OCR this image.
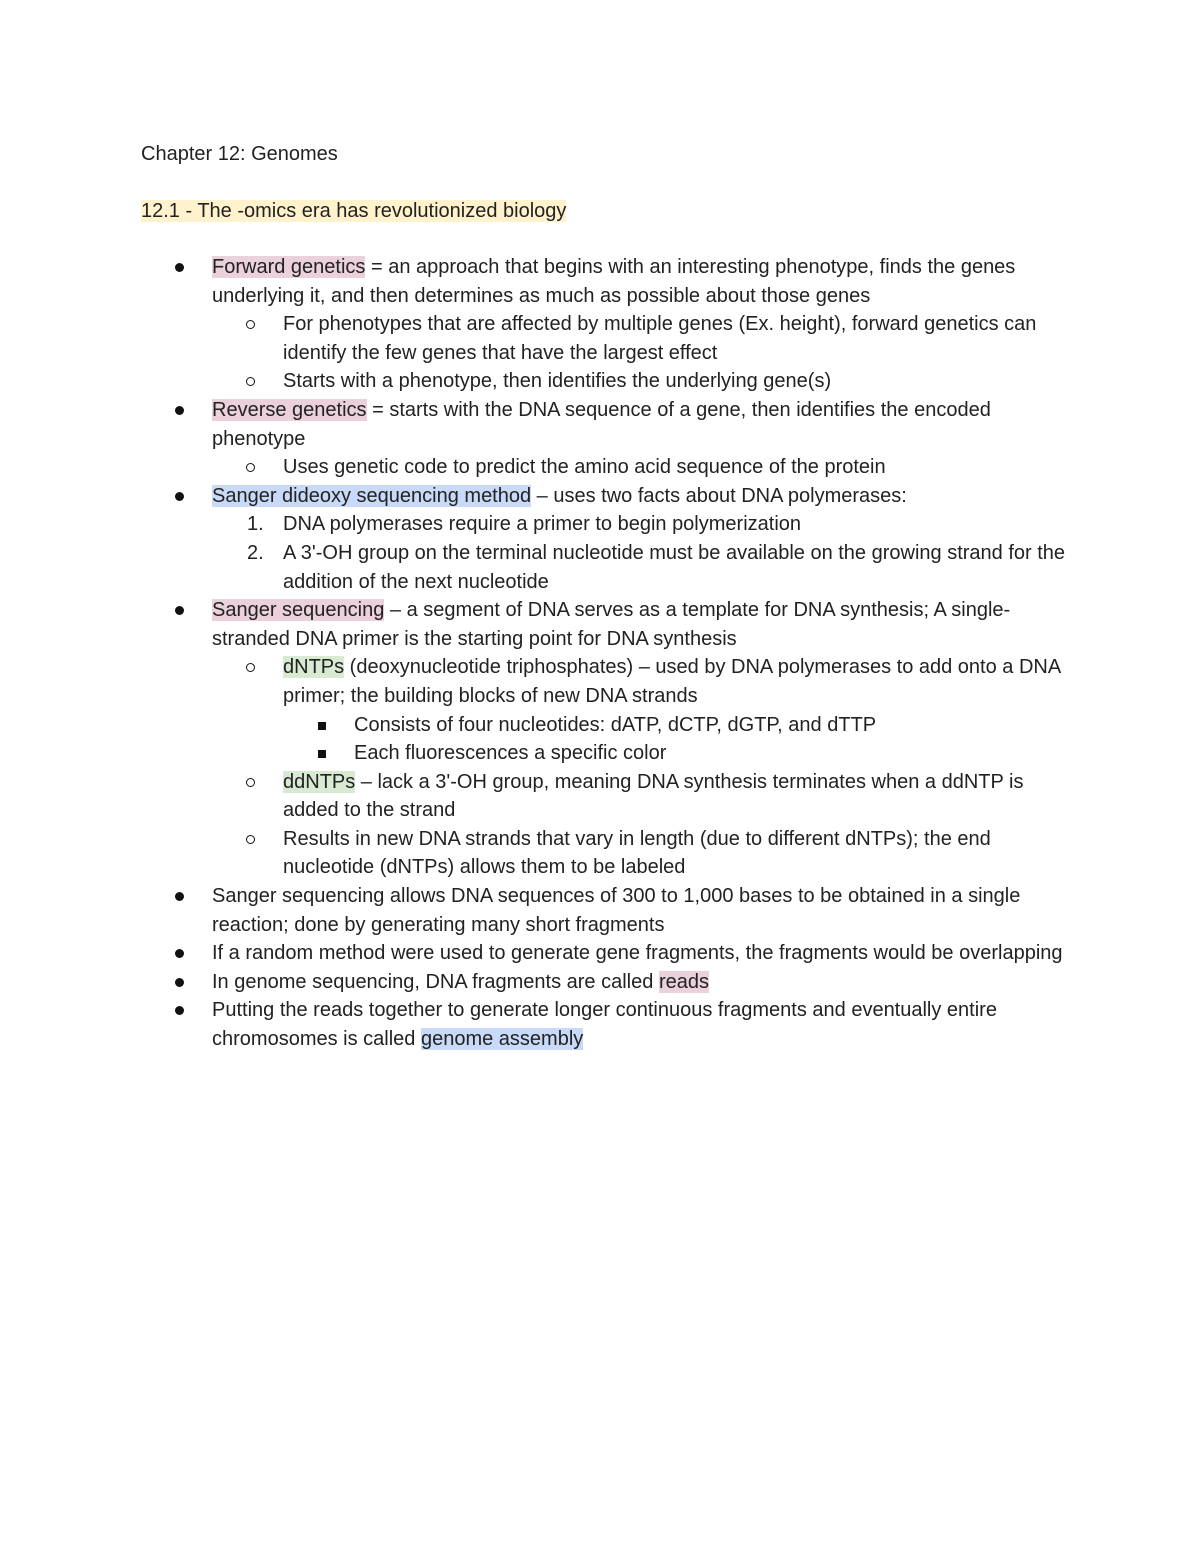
Chapter 12: Genomes
12.1 - The -omics era has revolutionized biology
Forward genetics = an approach that begins with an interesting phenotype, finds the genes underlying it, and then determines as much as possible about those genes
For phenotypes that are affected by multiple genes (Ex. height), forward genetics can identify the few genes that have the largest effect
Starts with a phenotype, then identifies the underlying gene(s)
Reverse genetics = starts with the DNA sequence of a gene, then identifies the encoded phenotype
Uses genetic code to predict the amino acid sequence of the protein
Sanger dideoxy sequencing method – uses two facts about DNA polymerases:
1. DNA polymerases require a primer to begin polymerization
2. A 3'-OH group on the terminal nucleotide must be available on the growing strand for the addition of the next nucleotide
Sanger sequencing – a segment of DNA serves as a template for DNA synthesis; A single-stranded DNA primer is the starting point for DNA synthesis
dNTPs (deoxynucleotide triphosphates) – used by DNA polymerases to add onto a DNA primer; the building blocks of new DNA strands
Consists of four nucleotides: dATP, dCTP, dGTP, and dTTP
Each fluorescences a specific color
ddNTPs – lack a 3'-OH group, meaning DNA synthesis terminates when a ddNTP is added to the strand
Results in new DNA strands that vary in length (due to different dNTPs); the end nucleotide (dNTPs) allows them to be labeled
Sanger sequencing allows DNA sequences of 300 to 1,000 bases to be obtained in a single reaction; done by generating many short fragments
If a random method were used to generate gene fragments, the fragments would be overlapping
In genome sequencing, DNA fragments are called reads
Putting the reads together to generate longer continuous fragments and eventually entire chromosomes is called genome assembly
